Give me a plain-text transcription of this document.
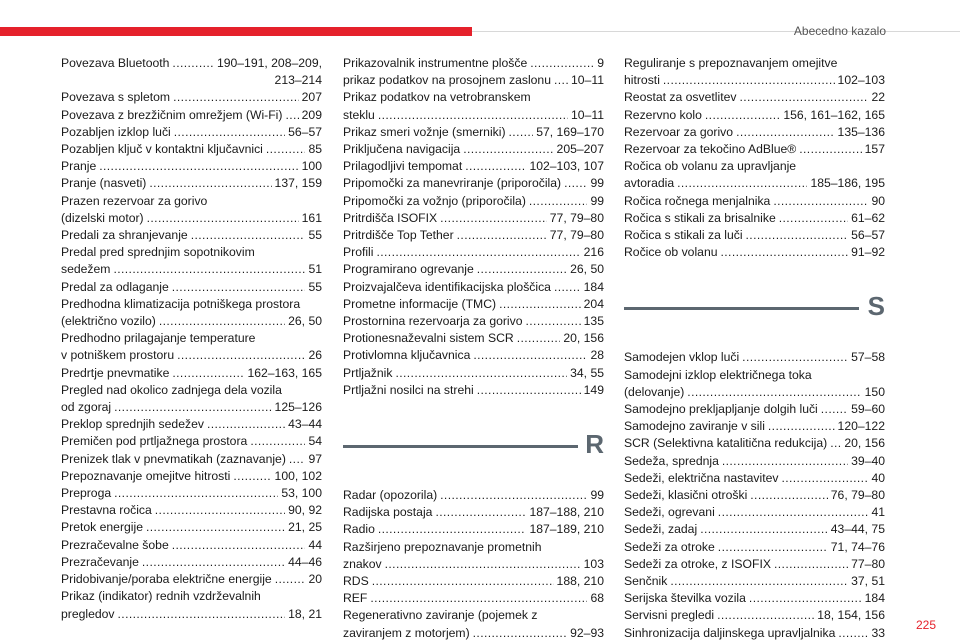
Abecedno kazalo
Povezava Bluetooth . . .	190–191, 208–209,
213–214
Povezava s spletom . . .	207
Povezava z brezžičnim omrežjem (Wi-Fi) . . . 209
Pozabljen izklop luči . . .	56–57
Pozabljen ključ v kontaktni ključavnici . . .	85
Pranje . . .	100
Pranje (nasveti) . . .	137, 159
Prazen rezervoar za gorivo
(dizelski motor) . . .	161
Predali za shranjevanje . . .	55
Predal pred sprednjim sopotnikovim
sedežem . . .	51
Predal za odlaganje . . .	55
Predhodna klimatizacija potniškega prostora
(električno vozilo) . . .	26, 50
Predhodno prilagajanje temperature
v potniškem prostoru . . .	26
Predrtje pnevmatike . . .	162–163, 165
Pregled nad okolico zadnjega dela vozila
od zgoraj . . .	125–126
Preklop sprednjih sedežev . . .	43–44
Premičen pod prtljažnega prostora . . .	54
Prenizek tlak v pnevmatikah (zaznavanje) . . . 97
Prepoznavanje omejitve hitrosti . . .	100, 102
Preproga . . .	53, 100
Prestavna ročica . . .	90, 92
Pretok energije . . .	21, 25
Prezračevalne šobe . . .	44
Prezračevanje . . .	44–46
Pridobivanje/poraba električne energije . . .	20
Prikaz (indikator) rednih vzdrževalnih
pregledov . . .	18, 21
Prikazovalnik instrumentne plošče . . .	9
prikaz podatkov na prosojnem zaslonu . . . 10–11
Prikaz podatkov na vetrobranskem
steklu . . .	10–11
Prikaz smeri vožnje (smerniki) . . .	57, 169–170
Priključena navigacija . . .	205–207
Prilagodljivi tempomat . . .	102–103, 107
Pripomočki za manevriranje (priporočila) . . . 99
Pripomočki za vožnjo (priporočila) . . .	99
Pritrdišča ISOFIX . . .	77, 79–80
Pritrdišče Top Tether . . .	77, 79–80
Profili . . .	216
Programirano ogrevanje . . .	26, 50
Proizvajalčeva identifikacijska ploščica . . .	184
Prometne informacije (TMC) . . .	204
Prostornina rezervoarja za gorivo . . .	135
Protionesnaževalni sistem SCR . . .	20, 156
Protivlomna ključavnica . . .	28
Prtljažnik . . .	34, 55
Prtljažni nosilci na strehi . . .	149
R
Radar (opozorila) . . .	99
Radijska postaja . . .	187–188, 210
Radio . . .	187–189, 210
Razširjeno prepoznavanje prometnih
znakov . . .	103
RDS . . .	188, 210
REF . . .	68
Regenerativno zaviranje (pojemek z
zaviranjem z motorjem) . . .	92–93
Reguliranje s prepoznavanjem omejitve
hitrosti . . .	102–103
Reostat za osvetlitev . . .	22
Rezervno kolo . . .	156, 161–162, 165
Rezervoar za gorivo . . .	135–136
Rezervoar za tekočino AdBlue® . . .	157
Ročica ob volanu za upravljanje
avtoradia . . .	185–186, 195
Ročica ročnega menjalnika . . .	90
Ročica s stikali za brisalnike . . .	61–62
Ročica s stikali za luči . . .	56–57
Ročice ob volanu . . .	91–92
S
Samodejen vklop luči . . .	57–58
Samodejni izklop električnega toka
(delovanje) . . .	150
Samodejno prekljapljanje dolgih luči . . .	59–60
Samodejno zaviranje v sili . . .	120–122
SCR (Selektivna katalitična redukcija) . . . 20, 156
Sedeža, sprednja . . .	39–40
Sedeži, električna nastavitev . . .	40
Sedeži, klasični otroški . . .	76, 79–80
Sedeži, ogrevani . . .	41
Sedeži, zadaj . . .	43–44, 75
Sedeži za otroke . . .	71, 74–76
Sedeži za otroke, z ISOFIX . . .	77–80
Senčnik . . .	37, 51
Serijska številka vozila . . .	184
Servisni pregledi . . .	18, 154, 156
Sinhronizacija daljinskega upravljalnika . . .	33
225
